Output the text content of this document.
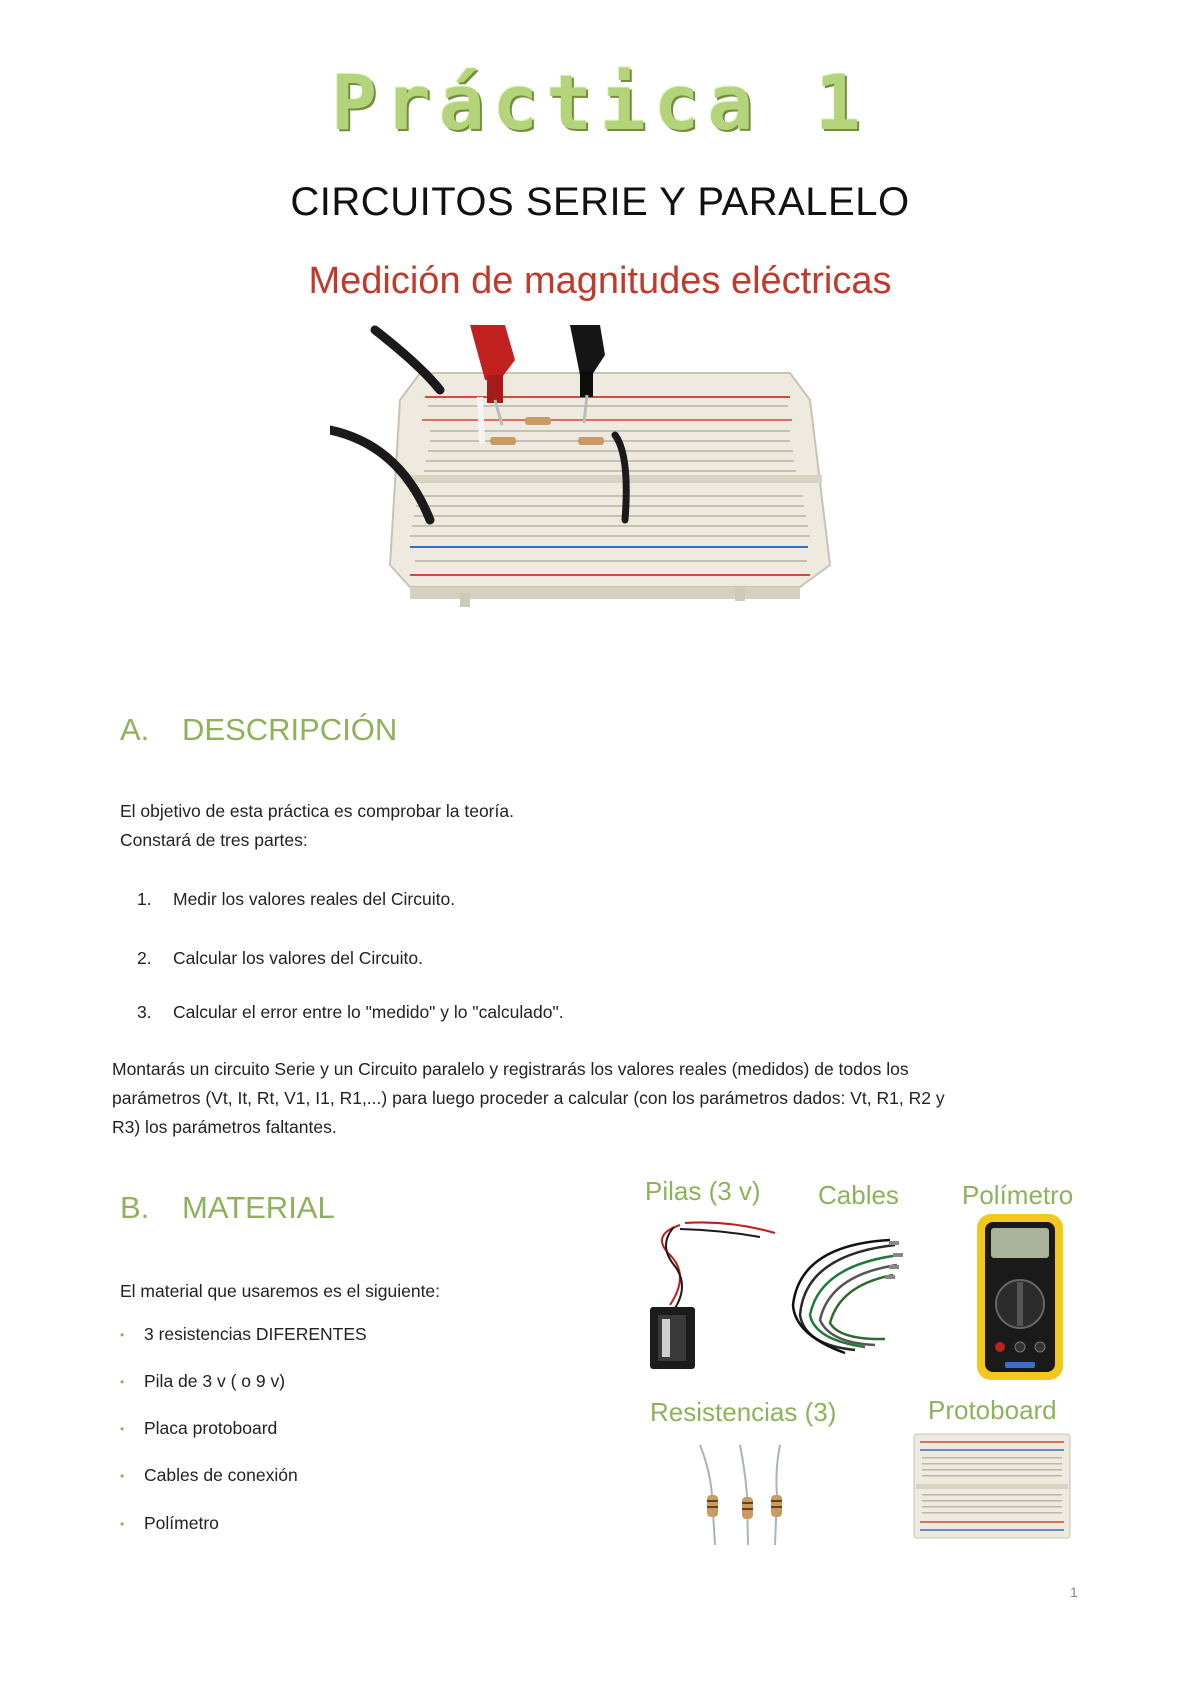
Práctica 1
CIRCUITOS SERIE Y PARALELO
Medición de magnitudes eléctricas
A. DESCRIPCIÓN
El objetivo de esta práctica es comprobar la teoría.
Constará de tres partes:
1. Medir los valores reales del Circuito.
2. Calcular los valores del Circuito.
3. Calcular el error entre lo "medido" y lo "calculado".
Montarás un circuito Serie y un Circuito paralelo y registrarás los valores reales (medidos) de todos los
parámetros (Vt, It, Rt, V1, I1, R1,...) para luego proceder a calcular (con los parámetros dados: Vt, R1, R2 y
R3) los parámetros faltantes.
B. MATERIAL
El material que usaremos es el siguiente:
• 3 resistencias DIFERENTES
• Pila de 3 v ( o 9 v)
• Placa protoboard
• Cables de conexión
• Polímetro
Pilas (3 v) Cables Polímetro
Resistencias (3)	Protoboard
1
